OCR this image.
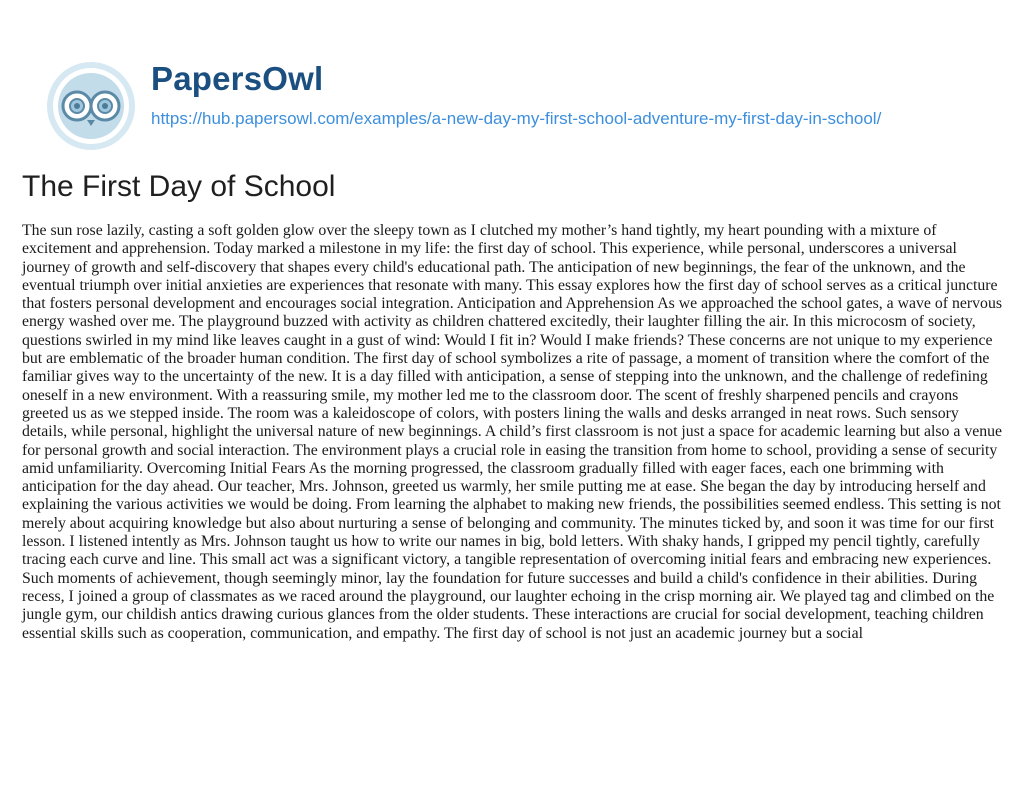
PapersOwl
https://hub.papersowl.com/examples/a-new-day-my-first-school-adventure-my-first-day-in-school/
The First Day of School

The sun rose lazily, casting a soft golden glow over the sleepy town as I clutched my mother’s hand tightly, my heart pounding with a mixture of excitement and apprehension. Today marked a milestone in my life: the first day of school. This experience, while personal, underscores a universal journey of growth and self-discovery that shapes every child's educational path. The anticipation of new beginnings, the fear of the unknown, and the eventual triumph over initial anxieties are experiences that resonate with many. This essay explores how the first day of school serves as a critical juncture that fosters personal development and encourages social integration. Anticipation and Apprehension As we approached the school gates, a wave of nervous energy washed over me. The playground buzzed with activity as children chattered excitedly, their laughter filling the air. In this microcosm of society, questions swirled in my mind like leaves caught in a gust of wind: Would I fit in? Would I make friends? These concerns are not unique to my experience but are emblematic of the broader human condition. The first day of school symbolizes a rite of passage, a moment of transition where the comfort of the familiar gives way to the uncertainty of the new. It is a day filled with anticipation, a sense of stepping into the unknown, and the challenge of redefining oneself in a new environment. With a reassuring smile, my mother led me to the classroom door. The scent of freshly sharpened pencils and crayons greeted us as we stepped inside. The room was a kaleidoscope of colors, with posters lining the walls and desks arranged in neat rows. Such sensory details, while personal, highlight the universal nature of new beginnings. A child’s first classroom is not just a space for academic learning but also a venue for personal growth and social interaction. The environment plays a crucial role in easing the transition from home to school, providing a sense of security amid unfamiliarity. Overcoming Initial Fears As the morning progressed, the classroom gradually filled with eager faces, each one brimming with anticipation for the day ahead. Our teacher, Mrs. Johnson, greeted us warmly, her smile putting me at ease. She began the day by introducing herself and explaining the various activities we would be doing. From learning the alphabet to making new friends, the possibilities seemed endless. This setting is not merely about acquiring knowledge but also about nurturing a sense of belonging and community. The minutes ticked by, and soon it was time for our first lesson. I listened intently as Mrs. Johnson taught us how to write our names in big, bold letters. With shaky hands, I gripped my pencil tightly, carefully tracing each curve and line. This small act was a significant victory, a tangible representation of overcoming initial fears and embracing new experiences. Such moments of achievement, though seemingly minor, lay the foundation for future successes and build a child's confidence in their abilities. During recess, I joined a group of classmates as we raced around the playground, our laughter echoing in the crisp morning air. We played tag and climbed on the jungle gym, our childish antics drawing curious glances from the older students. These interactions are crucial for social development, teaching children essential skills such as cooperation, communication, and empathy. The first day of school is not just an academic journey but a social
